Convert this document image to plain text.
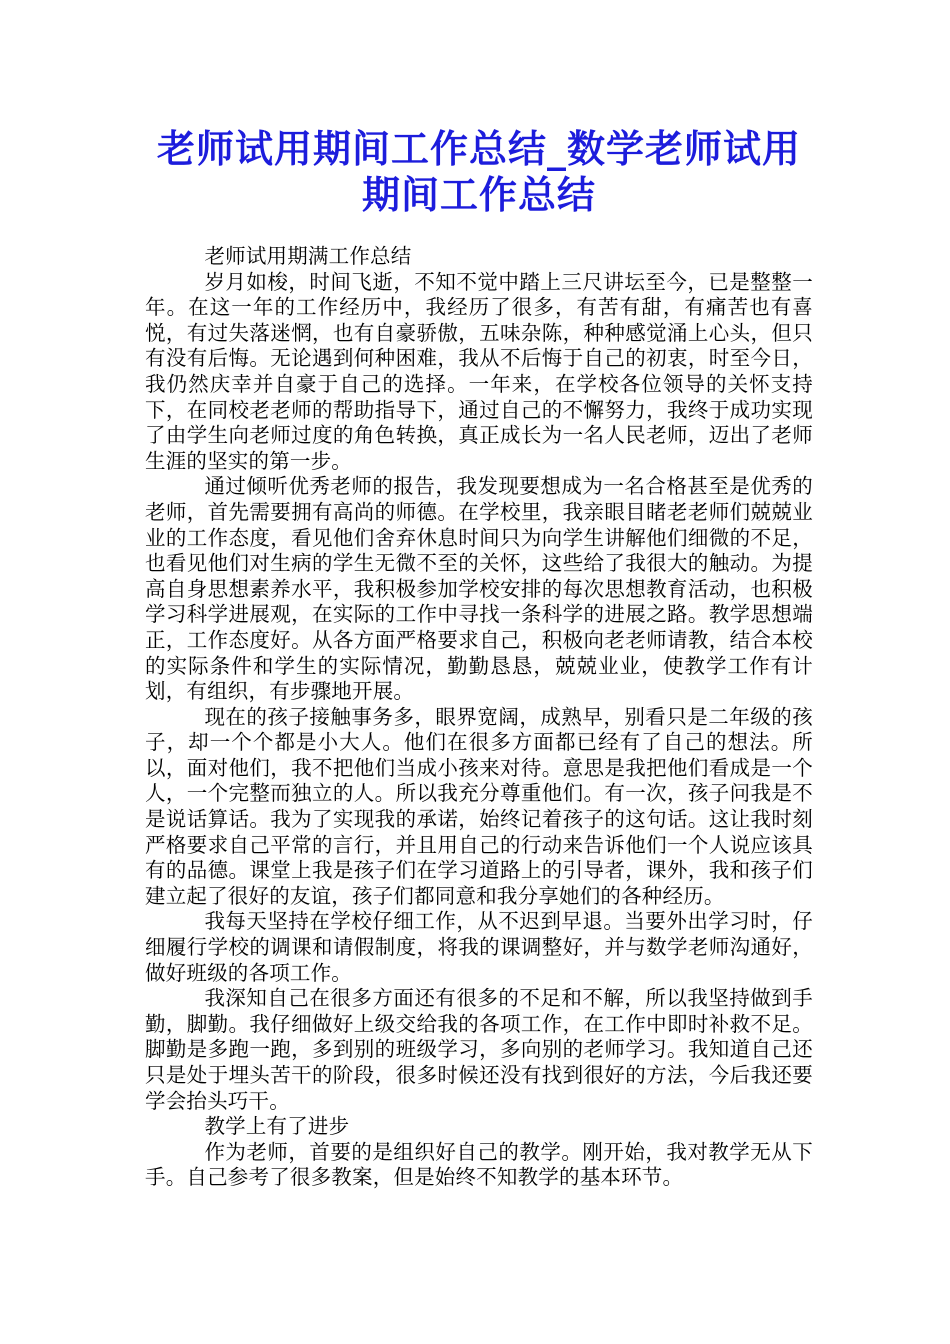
老师试用期间工作总结_数学老师试用期间工作总结

老师试用期满工作总结

岁月如梭，时间飞逝，不知不觉中踏上三尺讲坛至今，已是整整一年。在这一年的工作经历中，我经历了很多，有苦有甜，有痛苦也有喜悦，有过失落迷惘，也有自豪骄傲，五味杂陈，种种感觉涌上心头，但只有没有后悔。无论遇到何种困难，我从不后悔于自己的初衷，时至今日，我仍然庆幸并自豪于自己的选择。一年来，在学校各位领导的关怀支持下，在同校老老师的帮助指导下，通过自己的不懈努力，我终于成功实现了由学生向老师过度的角色转换，真正成长为一名人民老师，迈出了老师生涯的坚实的第一步。

通过倾听优秀老师的报告，我发现要想成为一名合格甚至是优秀的老师，首先需要拥有高尚的师德。在学校里，我亲眼目睹老老师们兢兢业业的工作态度，看见他们舍弃休息时间只为向学生讲解他们细微的不足，也看见他们对生病的学生无微不至的关怀，这些给了我很大的触动。为提高自身思想素养水平，我积极参加学校安排的每次思想教育活动，也积极学习科学进展观，在实际的工作中寻找一条科学的进展之路。教学思想端正，工作态度好。从各方面严格要求自己，积极向老老师请教，结合本校的实际条件和学生的实际情况，勤勤恳恳，兢兢业业，使教学工作有计划，有组织，有步骤地开展。

现在的孩子接触事务多，眼界宽阔，成熟早，别看只是二年级的孩子，却一个个都是小大人。他们在很多方面都已经有了自己的想法。所以，面对他们，我不把他们当成小孩来对待。意思是我把他们看成是一个人，一个完整而独立的人。所以我充分尊重他们。有一次，孩子问我是不是说话算话。我为了实现我的承诺，始终记着孩子的这句话。这让我时刻严格要求自己平常的言行，并且用自己的行动来告诉他们一个人说应该具有的品德。课堂上我是孩子们在学习道路上的引导者，课外，我和孩子们建立起了很好的友谊，孩子们都同意和我分享她们的各种经历。

我每天坚持在学校仔细工作，从不迟到早退。当要外出学习时，仔细履行学校的调课和请假制度，将我的课调整好，并与数学老师沟通好，做好班级的各项工作。

我深知自己在很多方面还有很多的不足和不解，所以我坚持做到手勤，脚勤。我仔细做好上级交给我的各项工作，在工作中即时补救不足。脚勤是多跑一跑，多到别的班级学习，多向别的老师学习。我知道自己还只是处于埋头苦干的阶段，很多时候还没有找到很好的方法，今后我还要学会抬头巧干。

教学上有了进步

作为老师，首要的是组织好自己的教学。刚开始，我对教学无从下手。自己参考了很多教案，但是始终不知教学的基本环节。
